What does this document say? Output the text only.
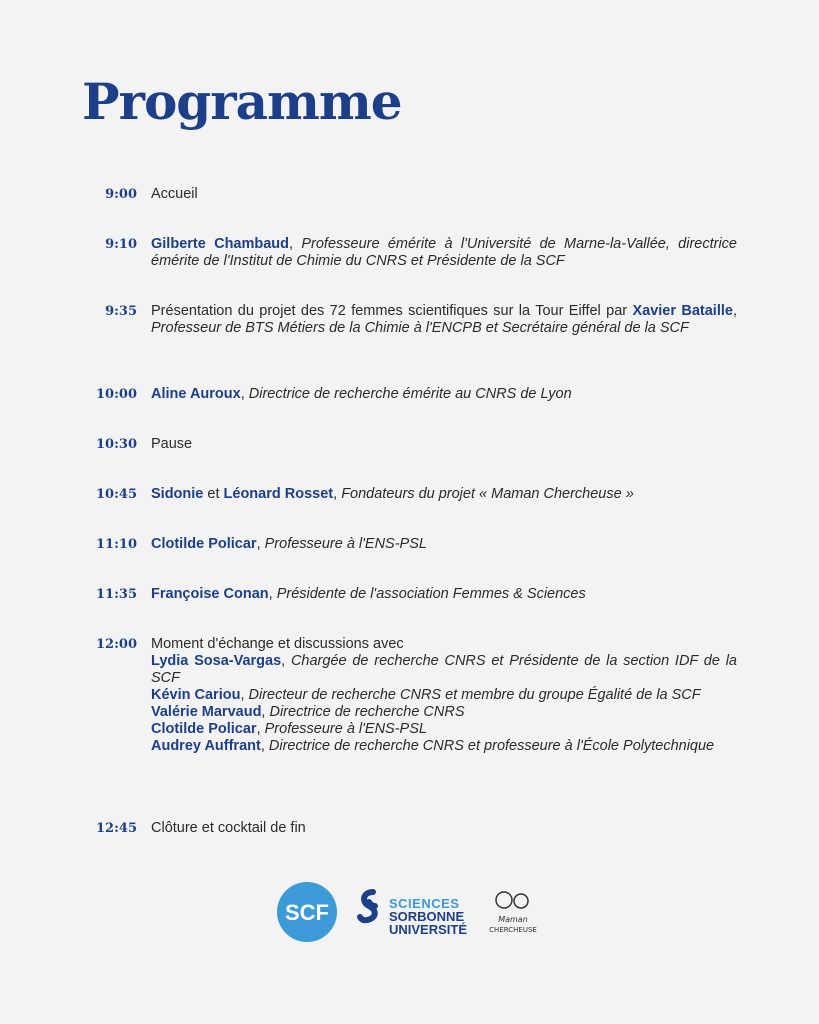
Programme
9:00 Accueil
9:10 Gilberte Chambaud, Professeure émérite à l'Université de Marne-la-Vallée, directrice émérite de l'Institut de Chimie du CNRS et Présidente de la SCF
9:35 Présentation du projet des 72 femmes scientifiques sur la Tour Eiffel par Xavier Bataille, Professeur de BTS Métiers de la Chimie à l'ENCPB et Secrétaire général de la SCF
10:00 Aline Auroux, Directrice de recherche émérite au CNRS de Lyon
10:30 Pause
10:45 Sidonie et Léonard Rosset, Fondateurs du projet « Maman Chercheuse »
11:10 Clotilde Policar, Professeure à l'ENS-PSL
11:35 Françoise Conan, Présidente de l'association Femmes & Sciences
12:00 Moment d'échange et discussions avec
Lydia Sosa-Vargas, Chargée de recherche CNRS et Présidente de la section IDF de la SCF
Kévin Cariou, Directeur de recherche CNRS et membre du groupe Égalité de la SCF
Valérie Marvaud, Directrice de recherche CNRS
Clotilde Policar, Professeure à l'ENS-PSL
Audrey Auffrant, Directrice de recherche CNRS et professeure à l'École Polytechnique
12:45 Clôture et cocktail de fin
SCF	SCIENCES
SORBONNE
UNIVERSITÉ
Maman
CHERCHEUSE
